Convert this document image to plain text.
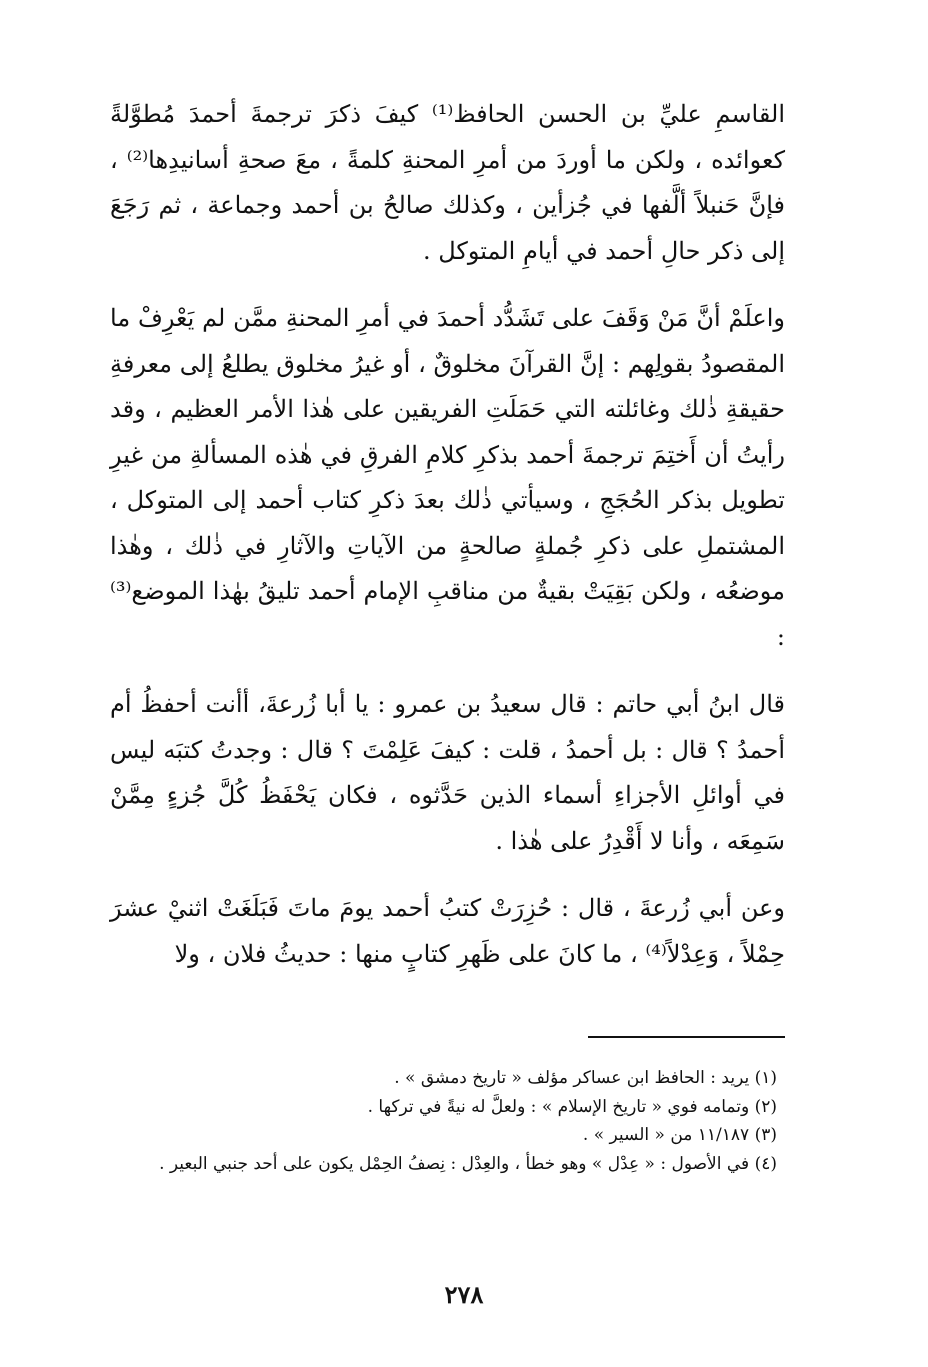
القاسمِ عليِّ بن الحسن الحافظ⁽¹⁾ كيفَ ذكرَ ترجمةَ أحمدَ مُطوَّلةً كعوائده ، ولكن ما أوردَ من أمرِ المحنةِ كلمةً ، معَ صحةِ أسانيدِها⁽²⁾ ، فإنَّ حَنبلاً ألَّفها في جُزأين ، وكذلك صالحُ بن أحمد وجماعة ، ثم رَجَعَ إلى ذكر حالِ أحمد في أيامِ المتوكل .

واعلَمْ أنَّ مَنْ وَقَفَ على تَشَدُّد أحمدَ في أمرِ المحنةِ ممَّن لم يَعْرِفْ ما المقصودُ بقولِهم : إنَّ القرآنَ مخلوقٌ ، أو غيرُ مخلوق يطلعُ إلى معرفةِ حقيقةِ ذٰلك وغائلته التي حَمَلَتِ الفريقين على هٰذا الأمر العظيم ، وقد رأيتُ أن أَختِمَ ترجمةَ أحمد بذكرِ كلامِ الفرقِ في هٰذه المسألةِ من غيرِ تطويل بذكر الحُجَجِ ، وسيأتي ذٰلك بعدَ ذكرِ كتاب أحمد إلى المتوكل ، المشتملِ على ذكرِ جُملةٍ صالحةٍ من الآياتِ والآثارِ في ذٰلك ، وهٰذا موضعُه ، ولكن بَقِيَتْ بقيةٌ من مناقبِ الإمام أحمد تليقُ بهٰذا الموضع⁽³⁾ :

قال ابنُ أبي حاتم : قال سعيدُ بن عمرو : يا أبا زُرعةَ، أأنت أحفظُ أم أحمدُ ؟ قال : بل أحمدُ ، قلت : كيفَ عَلِمْتَ ؟ قال : وجدتُ كتبَه ليس في أوائلِ الأجزاءِ أسماء الذين حَدَّثوه ، فكان يَحْفَظُ كُلَّ جُزءٍ مِمَّنْ سَمِعَه ، وأنا لا أَقْدِرُ على هٰذا .

وعن أبي زُرعةَ ، قال : حُزِرَتْ كتبُ أحمد يومَ ماتَ فَبَلَغَتْ اثنيْ عشرَ حِمْلاً ، وَعِدْلاً⁽⁴⁾ ، ما كانَ على ظَهرِ كتابٍ منها : حديثُ فلان ، ولا

(١) يريد : الحافظ ابن عساكر مؤلف « تاريخ دمشق » .

(٢) وتمامه فوي « تاريخ الإسلام » : ولعلَّ له نيةً في تركها .

(٣) ١١/١٨٧ من « السير » .

(٤) في الأصول : « عِدْل » وهو خطأ ، والعِدْل : نِصفُ الحِمْل يكون على أحد جنبي البعير .

٢٧٨
